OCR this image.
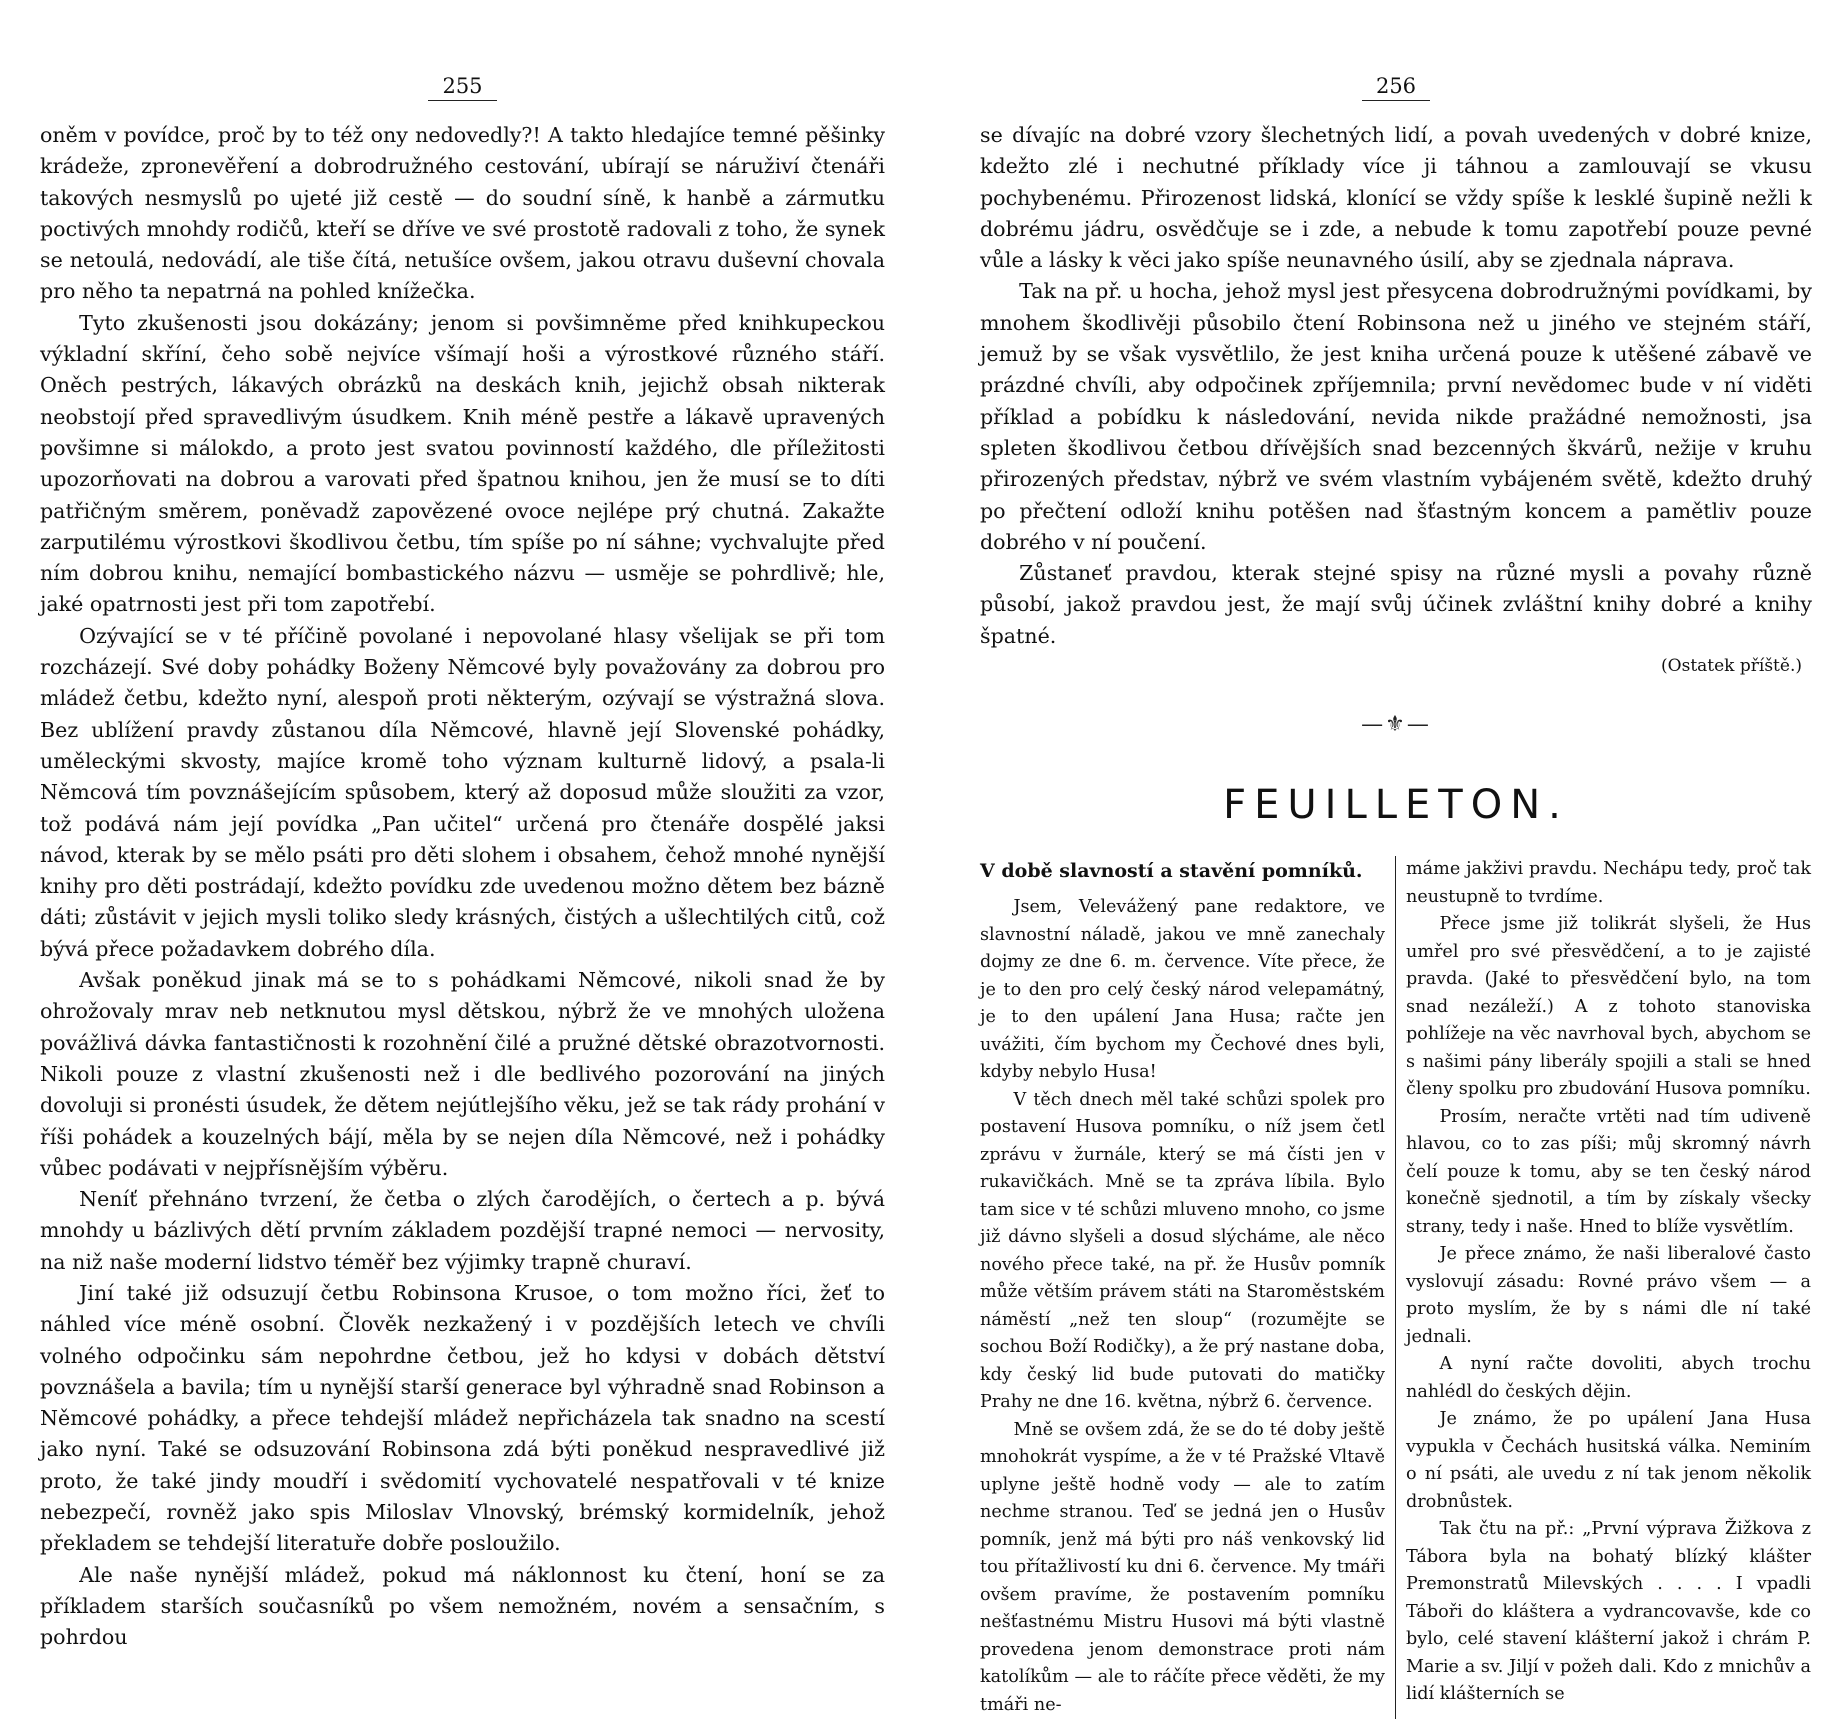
255

oněm v povídce, proč by to též ony nedovedly?! A takto hledajíce temné pěšinky krádeže, zpronevěření a dobrodružného cestování, ubírají se náruživí čtenáři takových nesmyslů po ujeté již cestě — do soudní síně, k hanbě a zármutku poctivých mnohdy rodičů, kteří se dříve ve své prostotě radovali z toho, že synek se netoulá, nedovádí, ale tiše čítá, netušíce ovšem, jakou otravu duševní chovala pro něho ta nepatrná na pohled knížečka.

Tyto zkušenosti jsou dokázány; jenom si povšimněme před knihkupeckou výkladní skříní, čeho sobě nejvíce všímají hoši a výrostkové různého stáří. Oněch pestrých, lákavých obrázků na deskách knih, jejichž obsah nikterak neobstojí před spravedlivým úsudkem. Knih méně pestře a lákavě upravených povšimne si málokdo, a proto jest svatou povinností každého, dle příležitosti upozorňovati na dobrou a varovati před špatnou knihou, jen že musí se to díti patřičným směrem, poněvadž zapovězené ovoce nejlépe prý chutná. Zakažte zarputilému výrostkovi škodlivou četbu, tím spíše po ní sáhne; vychvalujte před ním dobrou knihu, nemající bombastického názvu — usměje se pohrdlivě; hle, jaké opatrnosti jest při tom zapotřebí.

Ozývající se v té příčině povolané i nepovolané hlasy všelijak se při tom rozcházejí. Své doby pohádky Boženy Němcové byly považovány za dobrou pro mládež četbu, kdežto nyní, alespoň proti některým, ozývají se výstražná slova. Bez ublížení pravdy zůstanou díla Němcové, hlavně její Slovenské pohádky, uměleckými skvosty, majíce kromě toho význam kulturně lidový, a psala-li Němcová tím povznášejícím spůsobem, který až doposud může sloužiti za vzor, tož podává nám její povídka „Pan učitel“ určená pro čtenáře dospělé jaksi návod, kterak by se mělo psáti pro děti slohem i obsahem, čehož mnohé nynější knihy pro děti postrádají, kdežto povídku zde uvedenou možno dětem bez bázně dáti; zůstávit v jejich mysli toliko sledy krásných, čistých a ušlechtilých citů, což bývá přece požadavkem dobrého díla.

Avšak poněkud jinak má se to s pohádkami Němcové, nikoli snad že by ohrožovaly mrav neb netknutou mysl dětskou, nýbrž že ve mnohých uložena povážlivá dávka fantastičnosti k rozohnění čilé a pružné dětské obrazotvornosti. Nikoli pouze z vlastní zkušenosti než i dle bedlivého pozorování na jiných dovoluji si pronésti úsudek, že dětem nejútlejšího věku, jež se tak rády prohání v říši pohádek a kouzelných bájí, měla by se nejen díla Němcové, než i pohádky vůbec podávati v nejpřísnějším výběru.

Neníť přehnáno tvrzení, že četba o zlých čarodějích, o čertech a p. bývá mnohdy u bázlivých dětí prvním základem pozdější trapné nemoci — nervosity, na niž naše moderní lidstvo téměř bez výjimky trapně churaví.

Jiní také již odsuzují četbu Robinsona Krusoe, o tom možno říci, žeť to náhled více méně osobní. Člověk nezkažený i v pozdějších letech ve chvíli volného odpočinku sám nepohrdne četbou, jež ho kdysi v dobách dětství povznášela a bavila; tím u nynější starší generace byl výhradně snad Robinson a Němcové pohádky, a přece tehdejší mládež nepřicházela tak snadno na scestí jako nyní. Také se odsuzování Robinsona zdá býti poněkud nespravedlivé již proto, že také jindy moudří i svědomití vychovatelé nespatřovali v té knize nebezpečí, rovněž jako spis Miloslav Vlnovský, brémský kormidelník, jehož překladem se tehdejší literatuře dobře posloužilo.

Ale naše nynější mládež, pokud má náklonnost ku čtení, honí se za příkladem starších současníků po všem nemožném, novém a sensačním, s pohrdou

256

se dívajíc na dobré vzory šlechetných lidí, a povah uvedených v dobré knize, kdežto zlé i nechutné příklady více ji táhnou a zamlouvají se vkusu pochybenému. Přirozenost lidská, klonící se vždy spíše k lesklé šupině nežli k dobrému jádru, osvědčuje se i zde, a nebude k tomu zapotřebí pouze pevné vůle a lásky k věci jako spíše neunavného úsilí, aby se zjednala náprava.

Tak na př. u hocha, jehož mysl jest přesycena dobrodružnými povídkami, by mnohem škodlivěji působilo čtení Robinsona než u jiného ve stejném stáří, jemuž by se však vysvětlilo, že jest kniha určená pouze k utěšené zábavě ve prázdné chvíli, aby odpočinek zpříjemnila; první nevědomec bude v ní viděti příklad a pobídku k následování, nevida nikde pražádné nemožnosti, jsa spleten škodlivou četbou dřívějších snad bezcenných škvárů, nežije v kruhu přirozených představ, nýbrž ve svém vlastním vybájeném světě, kdežto druhý po přečtení odloží knihu potěšen nad šťastným koncem a pamětliv pouze dobrého v ní poučení.

Zůstaneť pravdou, kterak stejné spisy na různé mysli a povahy různě působí, jakož pravdou jest, že mají svůj účinek zvláštní knihy dobré a knihy špatné.

(Ostatek příště.)
—⚜—
FEUILLETON.
V době slavností a stavění pomníků.

Jsem, Velevážený pane redaktore, ve slavnostní náladě, jakou ve mně zanechaly dojmy ze dne 6. m. července. Víte přece, že je to den pro celý český národ velepamátný, je to den upálení Jana Husa; račte jen uvážiti, čím bychom my Čechové dnes byli, kdyby nebylo Husa!

V těch dnech měl také schůzi spolek pro postavení Husova pomníku, o níž jsem četl zprávu v žurnále, který se má čísti jen v rukavičkách. Mně se ta zpráva líbila. Bylo tam sice v té schůzi mluveno mnoho, co jsme již dávno slyšeli a dosud slýcháme, ale něco nového přece také, na př. že Husův pomník může větším právem státi na Staroměstském náměstí „než ten sloup“ (rozumějte se sochou Boží Rodičky), a že prý nastane doba, kdy český lid bude putovati do matičky Prahy ne dne 16. května, nýbrž 6. července.

Mně se ovšem zdá, že se do té doby ještě mnohokrát vyspíme, a že v té Pražské Vltavě uplyne ještě hodně vody — ale to zatím nechme stranou. Teď se jedná jen o Husův pomník, jenž má býti pro náš venkovský lid tou přítažlivostí ku dni 6. července. My tmáři ovšem pravíme, že postavením pomníku nešťastnému Mistru Husovi má býti vlastně provedena jenom demonstrace proti nám katolíkům — ale to ráčíte přece věděti, že my tmáři ne-

máme jakživi pravdu. Nechápu tedy, proč tak neustupně to tvrdíme.

Přece jsme již tolikrát slyšeli, že Hus umřel pro své přesvědčení, a to je zajisté pravda. (Jaké to přesvědčení bylo, na tom snad nezáleží.) A z tohoto stanoviska pohlížeje na věc navrhoval bych, abychom se s našimi pány liberály spojili a stali se hned členy spolku pro zbudování Husova pomníku.

Prosím, neračte vrtěti nad tím udiveně hlavou, co to zas píši; můj skromný návrh čelí pouze k tomu, aby se ten český národ konečně sjednotil, a tím by získaly všecky strany, tedy i naše. Hned to blíže vysvětlím.

Je přece známo, že naši liberalové často vyslovují zásadu: Rovné právo všem — a proto myslím, že by s námi dle ní také jednali.

A nyní račte dovoliti, abych trochu nahlédl do českých dějin.

Je známo, že po upálení Jana Husa vypukla v Čechách husitská válka. Neminím o ní psáti, ale uvedu z ní tak jenom několik drobnůstek.

Tak čtu na př.: „První výprava Žižkova z Tábora byla na bohatý blízký klášter Premonstratů Milevských . . . . I vpadli Táboři do kláštera a vydrancovavše, kde co bylo, celé stavení klášterní jakož i chrám P. Marie a sv. Jiljí v požeh dali. Kdo z mnichův a lidí klášterních se
